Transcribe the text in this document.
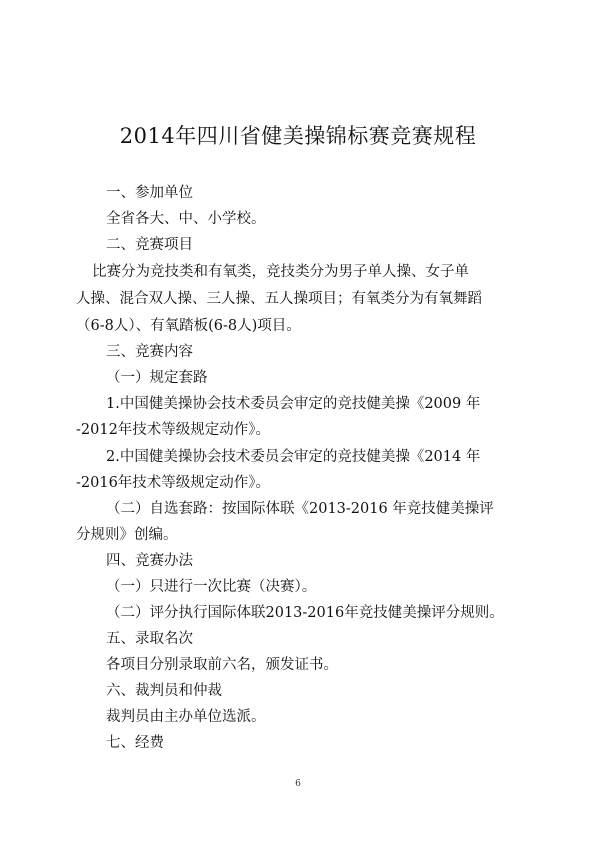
2014年四川省健美操锦标赛竞赛规程
一、参加单位
全省各大、中、小学校。
二、竞赛项目
比赛分为竞技类和有氧类，竞技类分为男子单人操、女子单
人操、混合双人操、三人操、五人操项目；有氧类分为有氧舞蹈
（6-8人）、有氧踏板(6-8人)项目。
三、竞赛内容
（一）规定套路
1.中国健美操协会技术委员会审定的竞技健美操《2009 年
-2012年技术等级规定动作》。
2.中国健美操协会技术委员会审定的竞技健美操《2014 年
-2016年技术等级规定动作》。
（二）自选套路：按国际体联《2013-2016 年竞技健美操评
分规则》创编。
四、竞赛办法
（一）只进行一次比赛（决赛）。
（二）评分执行国际体联2013-2016年竞技健美操评分规则。
五、录取名次
各项目分别录取前六名，颁发证书。
六、裁判员和仲裁
裁判员由主办单位选派。
七、经费
6
